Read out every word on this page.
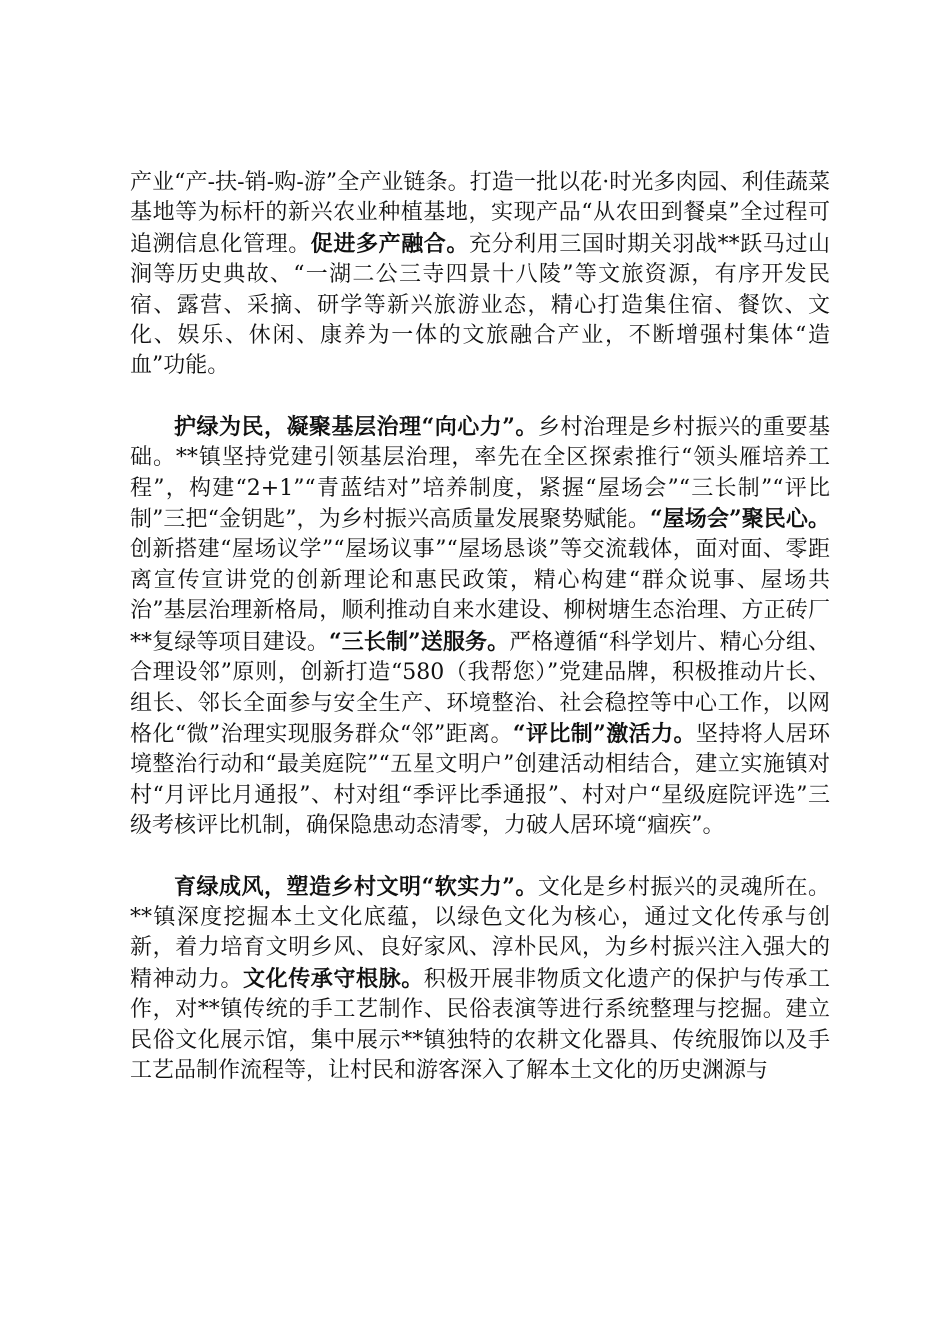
产业“产-扶-销-购-游”全产业链条。打造一批以花·时光多肉园、利佳蔬菜基地等为标杆的新兴农业种植基地，实现产品“从农田到餐桌”全过程可追溯信息化管理。促进多产融合。充分利用三国时期关羽战**跃马过山涧等历史典故、“一湖二公三寺四景十八陵”等文旅资源，有序开发民宿、露营、采摘、研学等新兴旅游业态，精心打造集住宿、餐饮、文化、娱乐、休闲、康养为一体的文旅融合产业，不断增强村集体“造血”功能。

护绿为民，凝聚基层治理“向心力”。乡村治理是乡村振兴的重要基础。**镇坚持党建引领基层治理，率先在全区探索推行“领头雁培养工程”，构建“2+1”“青蓝结对”培养制度，紧握“屋场会”“三长制”“评比制”三把“金钥匙”，为乡村振兴高质量发展聚势赋能。“屋场会”聚民心。创新搭建“屋场议学”“屋场议事”“屋场恳谈”等交流载体，面对面、零距离宣传宣讲党的创新理论和惠民政策，精心构建“群众说事、屋场共治”基层治理新格局，顺利推动自来水建设、柳树塘生态治理、方正砖厂**复绿等项目建设。“三长制”送服务。严格遵循“科学划片、精心分组、合理设邻”原则，创新打造“580（我帮您）”党建品牌，积极推动片长、组长、邻长全面参与安全生产、环境整治、社会稳控等中心工作，以网格化“微”治理实现服务群众“邻”距离。“评比制”激活力。坚持将人居环境整治行动和“最美庭院”“五星文明户”创建活动相结合，建立实施镇对村“月评比月通报”、村对组“季评比季通报”、村对户“星级庭院评选”三级考核评比机制，确保隐患动态清零，力破人居环境“痼疾”。

育绿成风，塑造乡村文明“软实力”。文化是乡村振兴的灵魂所在。**镇深度挖掘本土文化底蕴，以绿色文化为核心，通过文化传承与创新，着力培育文明乡风、良好家风、淳朴民风，为乡村振兴注入强大的精神动力。文化传承守根脉。积极开展非物质文化遗产的保护与传承工作，对**镇传统的手工艺制作、民俗表演等进行系统整理与挖掘。建立民俗文化展示馆，集中展示**镇独特的农耕文化器具、传统服饰以及手工艺品制作流程等，让村民和游客深入了解本土文化的历史渊源与
